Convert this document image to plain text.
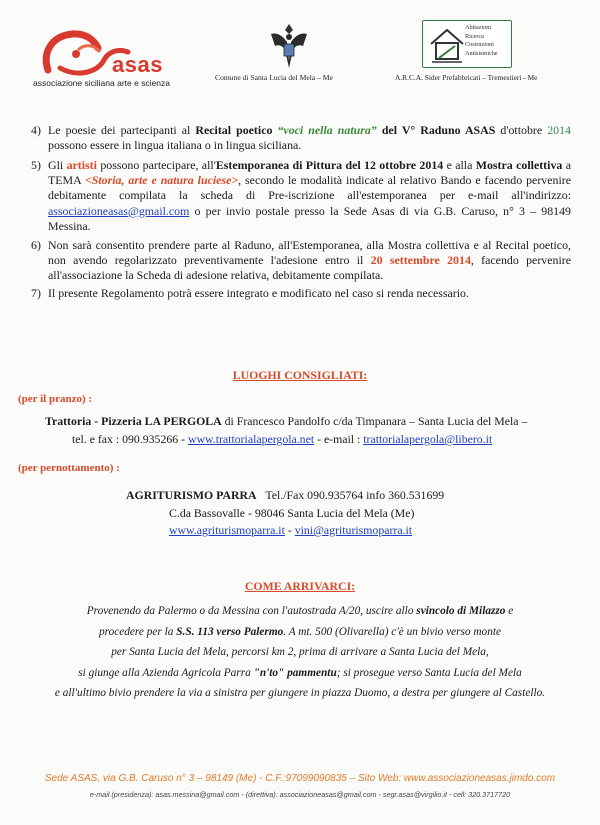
asas
associazione siciliana arte e scienza
Comune di Santa Lucia del Mela – Me
Abitazioni
Ricerca
Costruzioni
Antisismiche
A.R.C.A. Sider Prefabbricati – Tremestieri - Me
4) Le poesie dei partecipanti al Recital poetico “voci nella natura” del V° Raduno ASAS d'ottobre 2014 possono essere in lingua italiana o in lingua siciliana.
5) Gli artisti possono partecipare, all'Estemporanea di Pittura del 12 ottobre 2014 e alla Mostra collettiva a TEMA <Storia, arte e natura luciese>, secondo le modalità indicate al relativo Bando e facendo pervenire debitamente compilata la scheda di Pre-iscrizione all'estemporanea per e-mail all'indirizzo: associazioneasas@gmail.com o per invio postale presso la Sede Asas di via G.B. Caruso, n° 3 – 98149 Messina.
6) Non sarà consentito prendere parte al Raduno, all'Estemporanea, alla Mostra collettiva e al Recital poetico, non avendo regolarizzato preventivamente l'adesione entro il 20 settembre 2014, facendo pervenire all'associazione la Scheda di adesione relativa, debitamente compilata.
7) Il presente Regolamento potrà essere integrato e modificato nel caso si renda necessario.
LUOGHI CONSIGLIATI:
(per il pranzo) :
Trattoria - Pizzeria LA PERGOLA di Francesco Pandolfo c/da Timpanara – Santa Lucia del Mela –
tel. e fax : 090.935266 - www.trattorialapergola.net - e-mail : trattorialapergola@libero.it
(per pernottamento) :
AGRITURISMO PARRA Tel./Fax 090.935764 info 360.531699
C.da Bassovalle - 98046 Santa Lucia del Mela (Me)
www.agriturismoparra.it - vini@agriturismoparra.it
COME ARRIVARCI:
Provenendo da Palermo o da Messina con l'autostrada A/20, uscire allo svincolo di Milazzo e
procedere per la S.S. 113 verso Palermo. A mt. 500 (Olivarella) c'è un bivio verso monte
per Santa Lucia del Mela, percorsi km 2, prima di arrivare a Santa Lucia del Mela,
si giunge alla Azienda Agricola Parra "n'to" pammentu; si prosegue verso Santa Lucia del Mela
e all'ultimo bivio prendere la via a sinistra per giungere in piazza Duomo, a destra per giungere al Castello.
Sede ASAS, via G.B. Caruso n° 3 – 98149 (Me) - C.F.:97099090835 – Sito Web: www.associazioneasas.jimdo.com
e-mail (presidenza): asas.messina@gmail.com - (direttiva): associazioneasas@gmail.com - segr.asas@virgilio.it - cell: 320.3717720
